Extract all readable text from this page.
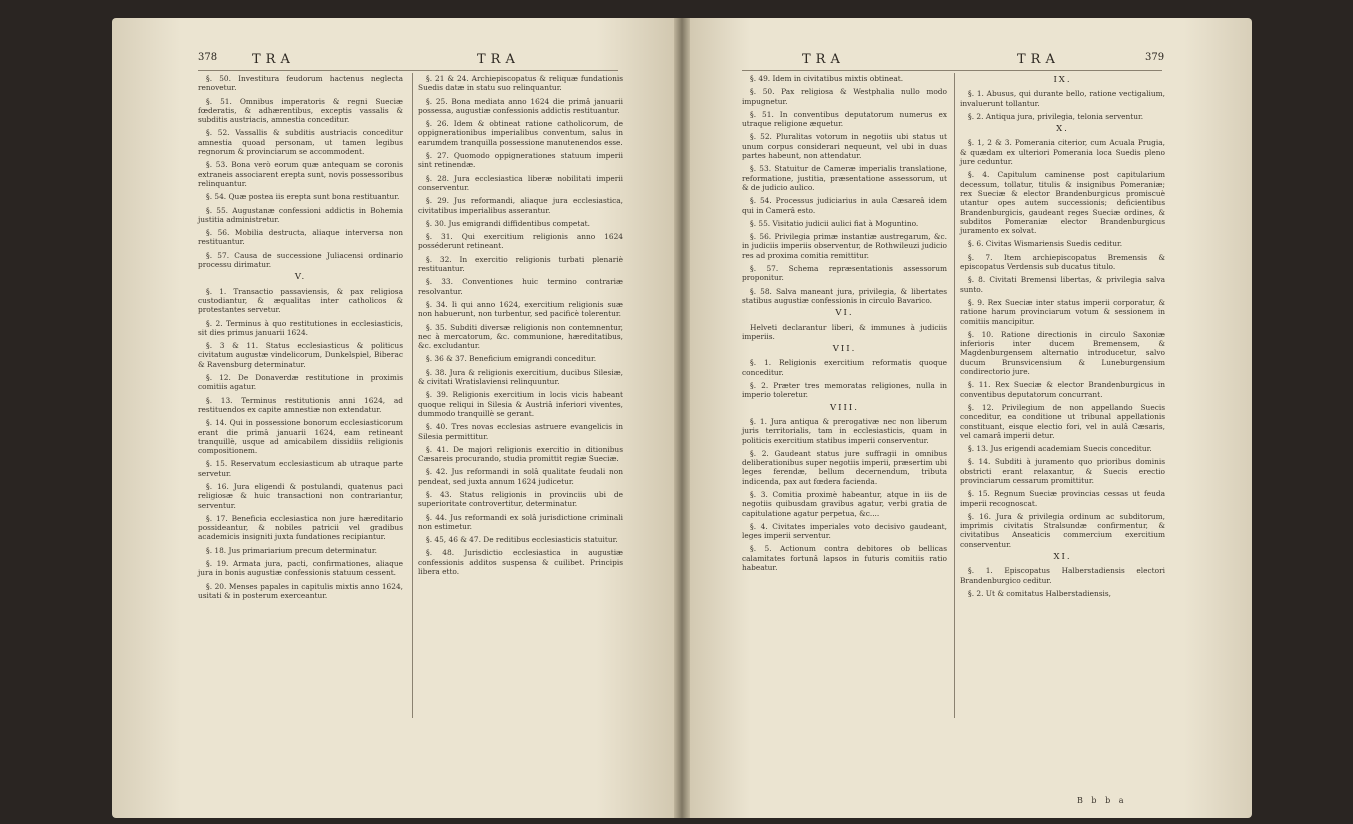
378	TRA	TRA

§. 50. Investitura feudorum hactenus neglecta renovetur.

§. 51. Omnibus imperatoris & regni Sueciæ fœderatis, & adhærentibus, exceptis vassalis & subditis austriacis, amnestia conceditur.

§. 52. Vassallis & subditis austriacis conceditur amnestia quoad personam, ut tamen legibus regnorum & provinciarum se accommodent.

§. 53. Bona verò eorum quæ antequam se coronis extraneis associarent erepta sunt, novis possessoribus relinquantur.

§. 54. Quæ postea iis erepta sunt bona restituantur.

§. 55. Augustanæ confessioni addictis in Bohemia justitia administretur.

§. 56. Mobilia destructa, aliaque interversa non restituantur.

§. 57. Causa de successione Juliacensi ordinario processu dirimatur.

V.

§. 1. Transactio passaviensis, & pax religiosa custodiantur, & æqualitas inter catholicos & protestantes servetur.

§. 2. Terminus à quo restitutiones in ecclesiasticis, sit dies primus januarii 1624.

§. 3 & 11. Status ecclesiasticus & politicus civitatum augustæ vindelicorum, Dunkelspiel, Biberac & Ravensburg determinatur.

§. 12. De Donaverdæ restitutione in proximis comitiis agatur.

§. 13. Terminus restitutionis anni 1624, ad restituendos ex capite amnestiæ non extendatur.

§. 14. Qui in possessione bonorum ecclesiasticorum erant die primâ januarii 1624, eam retineant tranquillè, usque ad amicabilem dissidiis religionis compositionem.

§. 15. Reservatum ecclesiasticum ab utraque parte servetur.

§. 16. Jura eligendi & postulandi, quatenus paci religiosæ & huic transactioni non contrariantur, serventur.

§. 17. Beneficia ecclesiastica non jure hæreditario possideantur, & nobiles patricii vel gradibus academicis insigniti juxta fundationes recipiantur.

§. 18. Jus primariarium precum determinatur.

§. 19. Armata jura, pacti, confirmationes, aliaque jura in bonis augustiæ confessionis statuum cessent.

§. 20. Menses papales in capitulis mixtis anno 1624, usitati & in posterum exerceantur.

§. 21 & 24. Archiepiscopatus & reliquæ fundationis Suedis datæ in statu suo relinquantur.

§. 25. Bona mediata anno 1624 die primâ januarii possessa, augustiæ confessionis addictis restituantur.

§. 26. Idem & obtineat ratione catholicorum, de oppignerationibus imperialibus conventum, salus in earumdem tranquilla possessione manutenendos esse.

§. 27. Quomodo oppignerationes statuum imperii sint retinendæ.

§. 28. Jura ecclesiastica liberæ nobilitati imperii conserventur.

§. 29. Jus reformandi, aliaque jura ecclesiastica, civitatibus imperialibus asserantur.

§. 30. Jus emigrandi diffidentibus competat.

§. 31. Qui exercitium religionis anno 1624 posséderunt retineant.

§. 32. In exercitio religionis turbati plenariè restituantur.

§. 33. Conventiones huic termino contrariæ resolvantur.

§. 34. Ii qui anno 1624, exercitium religionis suæ non habuerunt, non turbentur, sed pacificè tolerentur.

§. 35. Subditi diversæ religionis non contemnentur, nec à mercatorum, &c. communione, hæreditatibus, &c. excludantur.

§. 36 & 37. Beneficium emigrandi conceditur.

§. 38. Jura & religionis exercitium, ducibus Silesiæ, & civitati Wratislaviensi relinquuntur.

§. 39. Religionis exercitium in locis vicis habeant quoque reliqui in Silesia & Austriâ inferiori viventes, dummodo tranquillè se gerant.

§. 40. Tres novas ecclesias astruere evangelicis in Silesia permittitur.

§. 41. De majori religionis exercitio in ditionibus Cæsareis procurando, studia promittit regiæ Sueciæ.

§. 42. Jus reformandi in solâ qualitate feudali non pendeat, sed juxta annum 1624 judicetur.

§. 43. Status religionis in provinciis ubi de superioritate controvertitur, determinatur.

§. 44. Jus reformandi ex solâ jurisdictione criminali non estimetur.

§. 45, 46 & 47. De reditibus ecclesiasticis statuitur.

§. 48. Jurisdictio ecclesiastica in augustiæ confessionis additos suspensa & cuilibet. Principis libera etto.

TRA	TRA	379

§. 49. Idem in civitatibus mixtis obtineat.

§. 50. Pax religiosa & Westphalia nullo modo impugnetur.

§. 51. In conventibus deputatorum numerus ex utraque religione æquetur.

§. 52. Pluralitas votorum in negotiis ubi status ut unum corpus considerari nequeunt, vel ubi in duas partes habeunt, non attendatur.

§. 53. Statuitur de Cameræ imperialis translatione, reformatione, justitia, præsentatione assessorum, ut & de judicio aulico.

§. 54. Processus judiciarius in aula Cæsareâ idem qui in Camerâ esto.

§. 55. Visitatio judicii aulici fiat à Moguntino.

§. 56. Privilegia primæ instantiæ austregarum, &c. in judiciis imperiis observentur, de Rothwileuzi judicio res ad proxima comitia remittitur.

§. 57. Schema repræsentationis assessorum proponitur.

§. 58. Salva maneant jura, privilegia, & libertates statibus augustiæ confessionis in circulo Bavarico.

VI.

Helveti declarantur liberi, & immunes à judiciis imperiis.

VII.

§. 1. Religionis exercitium reformatis quoque conceditur.

§. 2. Præter tres memoratas religiones, nulla in imperio toleretur.

VIII.

§. 1. Jura antiqua & prerogativæ nec non liberum juris territorialis, tam in ecclesiasticis, quam in politicis exercitium statibus imperii conserventur.

§. 2. Gaudeant status jure suffragii in omnibus deliberationibus super negotiis imperii, præsertim ubi leges ferendæ, bellum decernendum, tributa indicenda, pax aut fœdera facienda.

§. 3. Comitia proximè habeantur, atque in iis de negotiis quibusdam gravibus agatur, verbi gratia de capitulatione agatur perpetua, &c....

§. 4. Civitates imperiales voto decisivo gaudeant, leges imperii serventur.

§. 5. Actionum contra debitores ob bellicas calamitates fortunâ lapsos in futuris comitiis ratio habeatur.

IX.

§. 1. Abusus, qui durante bello, ratione vectigalium, invaluerunt tollantur.

§. 2. Antiqua jura, privilegia, telonia serventur.

X.

§. 1, 2 & 3. Pomerania citerior, cum Acuala Prugia, & quædam ex ulteriori Pomerania loca Suedis pleno jure ceduntur.

§. 4. Capitulum caminense post capitularium decessum, tollatur, titulis & insignibus Pomeraniæ; rex Sueciæ & elector Brandenburgicus promiscuè utantur opes autem successionis; deficientibus Brandenburgicis, gaudeant reges Sueciæ ordines, & subditos Pomeraniæ elector Brandenburgicus juramento ex solvat.

§. 6. Civitas Wismariensis Suedis ceditur.

§. 7. Item archiepiscopatus Bremensis & episcopatus Verdensis sub ducatus titulo.

§. 8. Civitati Bremensi libertas, & privilegia salva sunto.

§. 9. Rex Sueciæ inter status imperii corporatur, & ratione harum provinciarum votum & sessionem in comitiis mancipitur.

§. 10. Ratione directionis in circulo Saxoniæ inferioris inter ducem Bremensem, & Magdenburgensem alternatio introducetur, salvo ducum Brunsvicensium & Luneburgensium condirectorio jure.

§. 11. Rex Sueciæ & elector Brandenburgicus in conventibus deputatorum concurrant.

§. 12. Privilegium de non appellando Suecis conceditur, ea conditione ut tribunal appellationis constituant, eisque electio fori, vel in aulâ Cæsaris, vel camarâ imperii detur.

§. 13. Jus erigendi academiam Suecis conceditur.

§. 14. Subditi à juramento quo prioribus dominis obstricti erant relaxantur, & Suecis erectio provinciarum cessarum promittitur.

§. 15. Regnum Sueciæ provincias cessas ut feuda imperii recognoscat.

§. 16. Jura & privilegia ordinum ac subditorum, imprimis civitatis Stralsundæ confirmentur, & civitatibus Anseaticis commercium exercitium conserventur.

XI.

§. 1. Episcopatus Halberstadiensis electori Brandenburgico ceditur.

§. 2. Ut & comitatus Halberstadiensis,

B b b a
